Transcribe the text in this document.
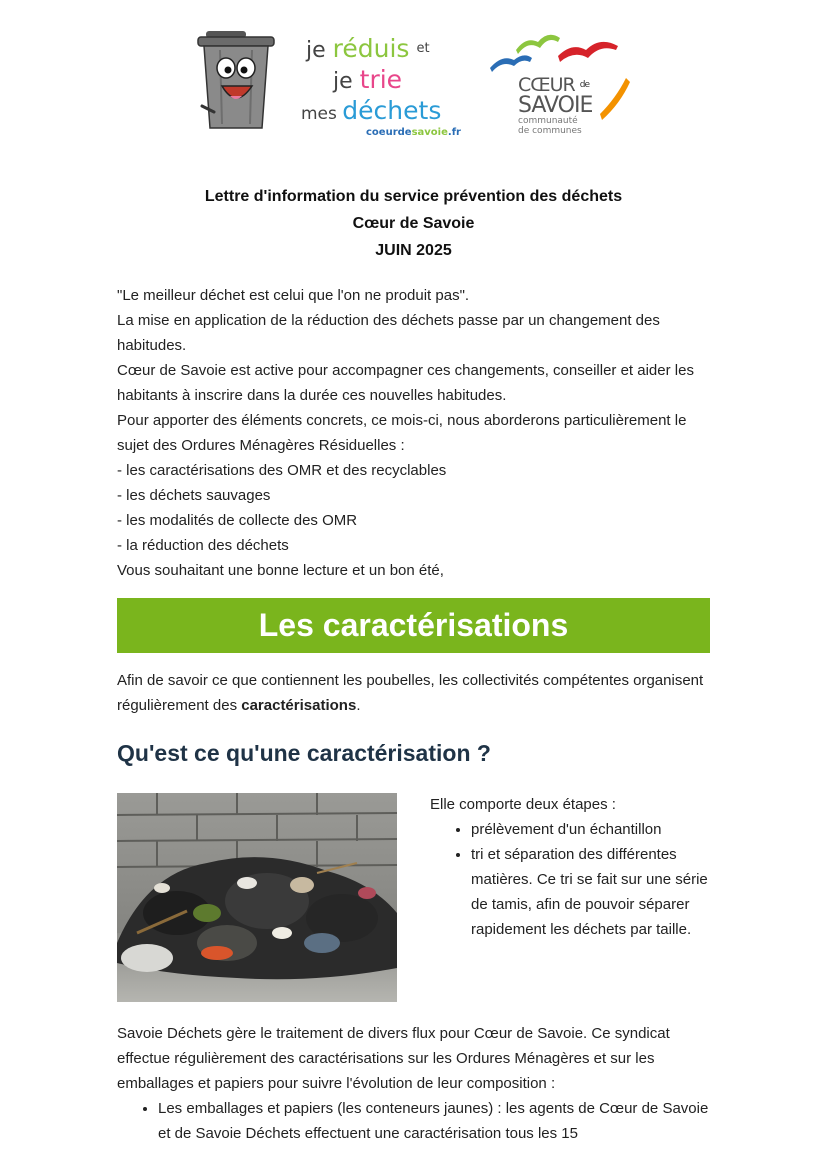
je réduis $^{et}$
je trie
mes déchets
coeurdesavoie.fr
CŒUR $^{de}$
SAVOIE
communauté
de communes
Lettre d'information du service prévention des déchets
Cœur de Savoie
JUIN 2025

"Le meilleur déchet est celui que l'on ne produit pas".

La mise en application de la réduction des déchets passe par un changement des habitudes.

Cœur de Savoie est active pour accompagner ces changements, conseiller et aider les habitants à inscrire dans la durée ces nouvelles habitudes.

Pour apporter des éléments concrets, ce mois-ci, nous aborderons particulièrement le sujet des Ordures Ménagères Résiduelles :

- les caractérisations des OMR et des recyclables

- les déchets sauvages

- les modalités de collecte des OMR

- la réduction des déchets

Vous souhaitant une bonne lecture et un bon été,

Les caractérisations

Afin de savoir ce que contiennent les poubelles, les collectivités compétentes organisent régulièrement des caractérisations.

Qu'est ce qu'une caractérisation ?

Elle comporte deux étapes :

• prélèvement d'un échantillon
• tri et séparation des différentes matières. Ce tri se fait sur une série de tamis, afin de pouvoir séparer rapidement les déchets par taille.

Savoie Déchets gère le traitement de divers flux pour Cœur de Savoie. Ce syndicat effectue régulièrement des caractérisations sur les Ordures Ménagères et sur les emballages et papiers pour suivre l'évolution de leur composition :

• Les emballages et papiers (les conteneurs jaunes) : les agents de Cœur de Savoie et de Savoie Déchets effectuent une caractérisation tous les 15
